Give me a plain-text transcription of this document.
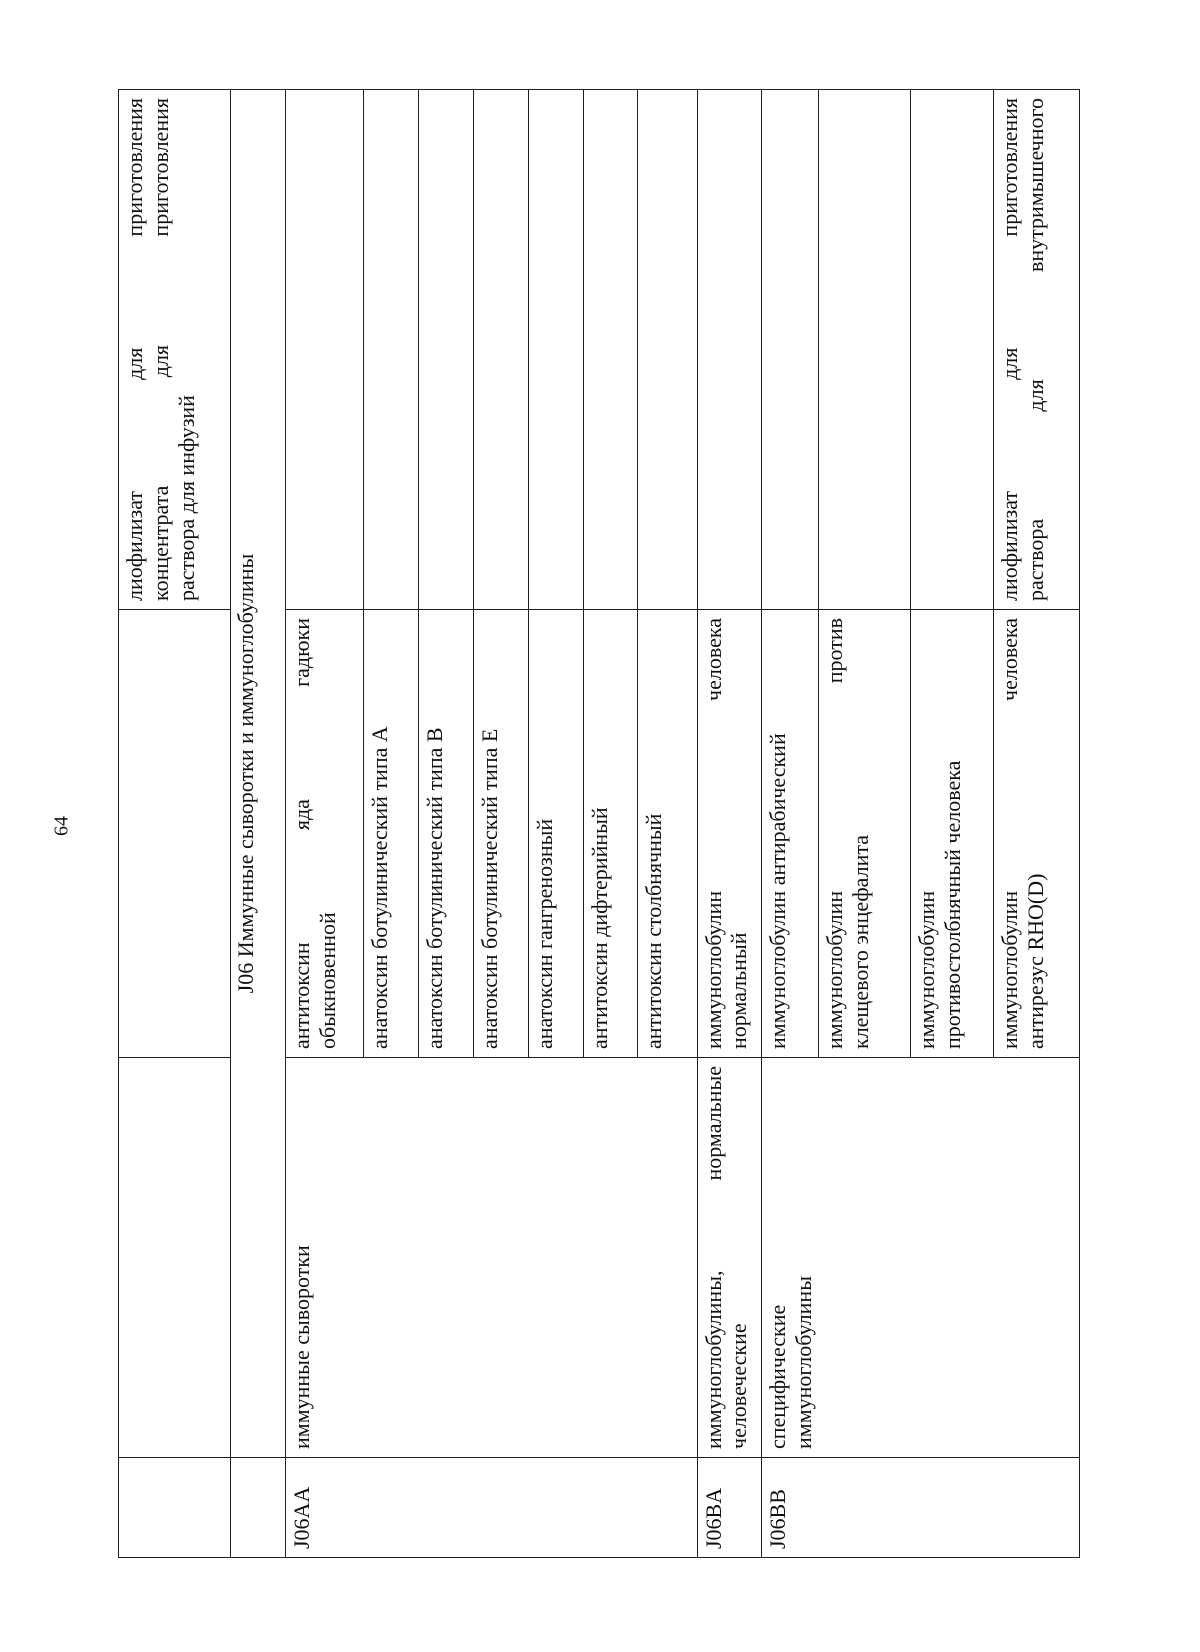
64

			лиофилизат для приготовления концентрата для приготовления раствора для инфузий

	J06 Иммунные сыворотки и иммуноглобулины		
J06AA	иммунные сыворотки	антитоксин яда гадюки обыкновенной	

		анатоксин ботулинический типа A	
		анатоксин ботулинический типа B	
		анатоксин ботулинический типа E	
		анатоксин гангренозный	
		антитоксин дифтерийный	
		антитоксин столбнячный	
J06BA	иммуноглобулины, нормальные человеческие	иммуноглобулин человека нормальный	

J06BB	специфические иммуноглобулины	иммуноглобулин антирабический	

		иммуноглобулин против клещевого энцефалита	

		иммуноглобулин противостолбнячный человека	

		иммуноглобулин человека антирезус RHO(D)	лиофилизат для приготовления раствора для внутримышечного
